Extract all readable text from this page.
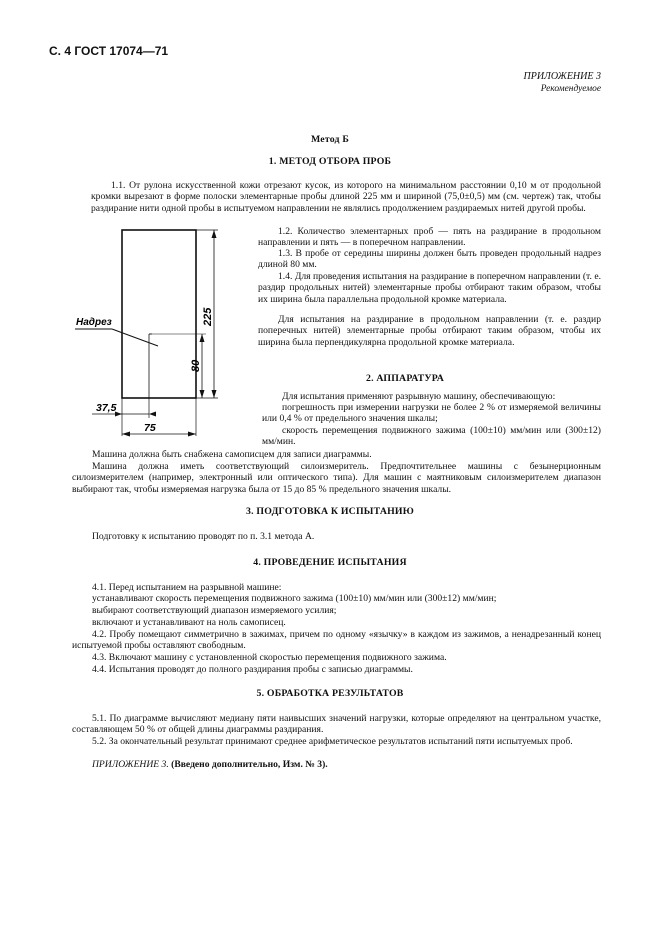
С. 4 ГОСТ 17074—71
ПРИЛОЖЕНИЕ 3
Рекомендуемое
Метод Б
1. МЕТОД ОТБОРА ПРОБ
1.1. От рулона искусственной кожи отрезают кусок, из которого на минимальном расстоянии 0,10 м от продольной кромки вырезают в форме полоски элементарные пробы длиной 225 мм и шириной (75,0±0,5) мм (см. чертеж) так, чтобы раздирание нити одной пробы в испытуемом направлении не являлись продолжением раздираемых нитей другой пробы.
1.2. Количество элементарных проб — пять на раздирание в продольном направлении и пять — в поперечном направлении.
1.3. В пробе от середины ширины должен быть проведен продольный надрез длиной 80 мм.
1.4. Для проведения испытания на раздирание в поперечном направлении (т. е. раздир продольных нитей) элементарные пробы отбирают таким образом, чтобы их ширина была параллельна продольной кромке материала.
Для испытания на раздирание в продольном направлении (т. е. раздир поперечных нитей) элементарные пробы отбирают таким образом, чтобы их ширина была перпендикулярна продольной кромке материала.
Надрез	225
80
37,5
75
2. АППАРАТУРА
Для испытания применяют разрывную машину, обеспечивающую:
погрешность при измерении нагрузки не более 2 % от измеряемой величины или 0,4 % от предельного значения шкалы;
скорость перемещения подвижного зажима (100±10) мм/мин или (300±12) мм/мин.
Машина должна быть снабжена самописцем для записи диаграммы.
Машина должна иметь соответствующий силоизмеритель. Предпочтительнее машины с безынерционным силоизмерителем (например, электронный или оптического типа). Для машин с маятниковым силоизмерителем диапазон выбирают так, чтобы измеряемая нагрузка была от 15 до 85 % предельного значения шкалы.
3. ПОДГОТОВКА К ИСПЫТАНИЮ
Подготовку к испытанию проводят по п. 3.1 метода А.
4. ПРОВЕДЕНИЕ ИСПЫТАНИЯ
4.1. Перед испытанием на разрывной машине:
устанавливают скорость перемещения подвижного зажима (100±10) мм/мин или (300±12) мм/мин;
выбирают соответствующий диапазон измеряемого усилия;
включают и устанавливают на ноль самописец.
4.2. Пробу помещают симметрично в зажимах, причем по одному «язычку» в каждом из зажимов, а ненадрезанный конец испытуемой пробы оставляют свободным.
4.3. Включают машину с установленной скоростью перемещения подвижного зажима.
4.4. Испытания проводят до полного раздирания пробы с записью диаграммы.
5. ОБРАБОТКА РЕЗУЛЬТАТОВ
5.1. По диаграмме вычисляют медиану пяти наивысших значений нагрузки, которые определяют на центральном участке, составляющем 50 % от общей длины диаграммы раздирания.
5.2. За окончательный результат принимают среднее арифметическое результатов испытаний пяти испытуемых проб.
ПРИЛОЖЕНИЕ 3. (Введено дополнительно, Изм. № 3).
